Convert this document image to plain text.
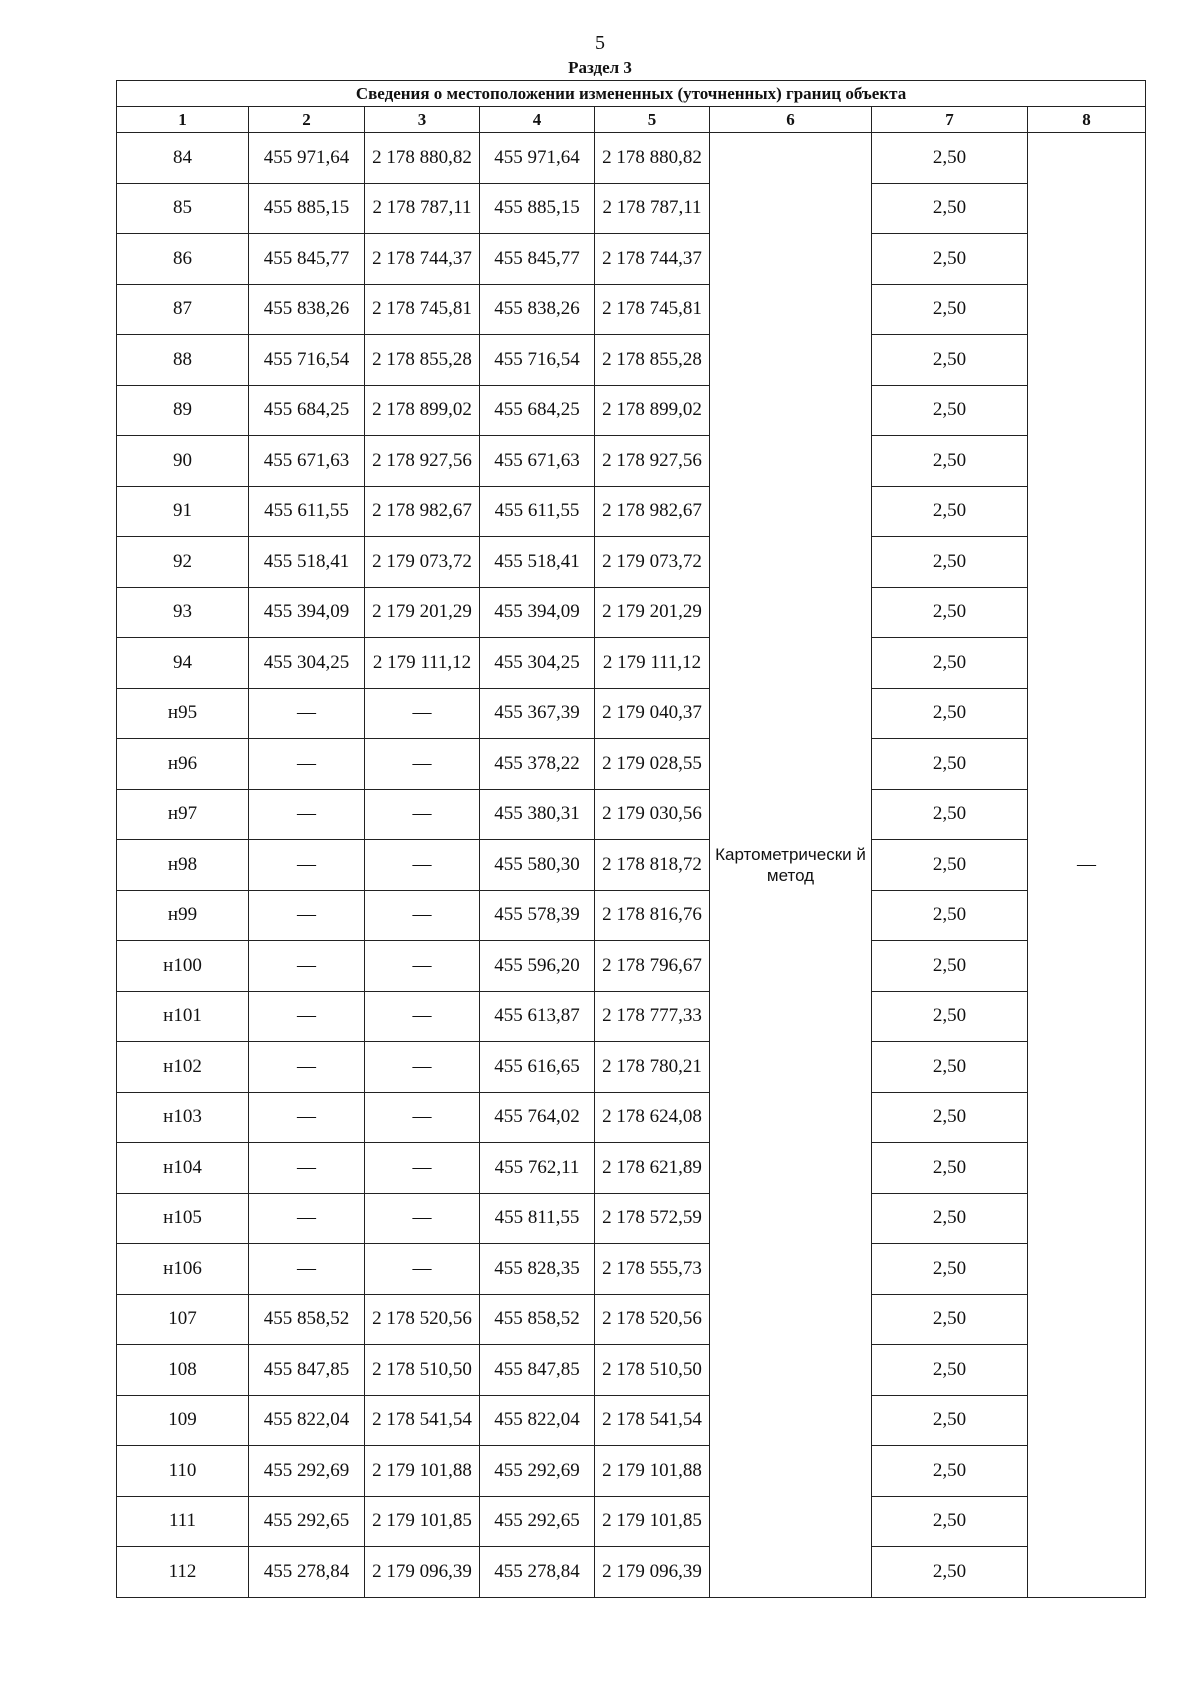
5
Раздел 3
Сведения о местоположении измененных (уточненных) границ объекта							
1	2	3	4	5	6	7	8
84	455 971,64	2 178 880,82	455 971,64	2 178 880,82	Картометрически й метод	2,50	—
85	455 885,15	2 178 787,11	455 885,15	2 178 787,11		2,50	
86	455 845,77	2 178 744,37	455 845,77	2 178 744,37		2,50	
87	455 838,26	2 178 745,81	455 838,26	2 178 745,81		2,50	
88	455 716,54	2 178 855,28	455 716,54	2 178 855,28		2,50	
89	455 684,25	2 178 899,02	455 684,25	2 178 899,02		2,50	
90	455 671,63	2 178 927,56	455 671,63	2 178 927,56		2,50	
91	455 611,55	2 178 982,67	455 611,55	2 178 982,67		2,50	
92	455 518,41	2 179 073,72	455 518,41	2 179 073,72		2,50	
93	455 394,09	2 179 201,29	455 394,09	2 179 201,29		2,50	
94	455 304,25	2 179 111,12	455 304,25	2 179 111,12		2,50	
н95	—	—	455 367,39	2 179 040,37		2,50	
н96	—	—	455 378,22	2 179 028,55		2,50	
н97	—	—	455 380,31	2 179 030,56		2,50	
н98	—	—	455 580,30	2 178 818,72		2,50	
н99	—	—	455 578,39	2 178 816,76		2,50	
н100	—	—	455 596,20	2 178 796,67		2,50	
н101	—	—	455 613,87	2 178 777,33		2,50	
н102	—	—	455 616,65	2 178 780,21		2,50	
н103	—	—	455 764,02	2 178 624,08		2,50	
н104	—	—	455 762,11	2 178 621,89		2,50	
н105	—	—	455 811,55	2 178 572,59		2,50	
н106	—	—	455 828,35	2 178 555,73		2,50	
107	455 858,52	2 178 520,56	455 858,52	2 178 520,56		2,50	
108	455 847,85	2 178 510,50	455 847,85	2 178 510,50		2,50	
109	455 822,04	2 178 541,54	455 822,04	2 178 541,54		2,50	
110	455 292,69	2 179 101,88	455 292,69	2 179 101,88		2,50	
111	455 292,65	2 179 101,85	455 292,65	2 179 101,85		2,50	
112	455 278,84	2 179 096,39	455 278,84	2 179 096,39		2,50	
